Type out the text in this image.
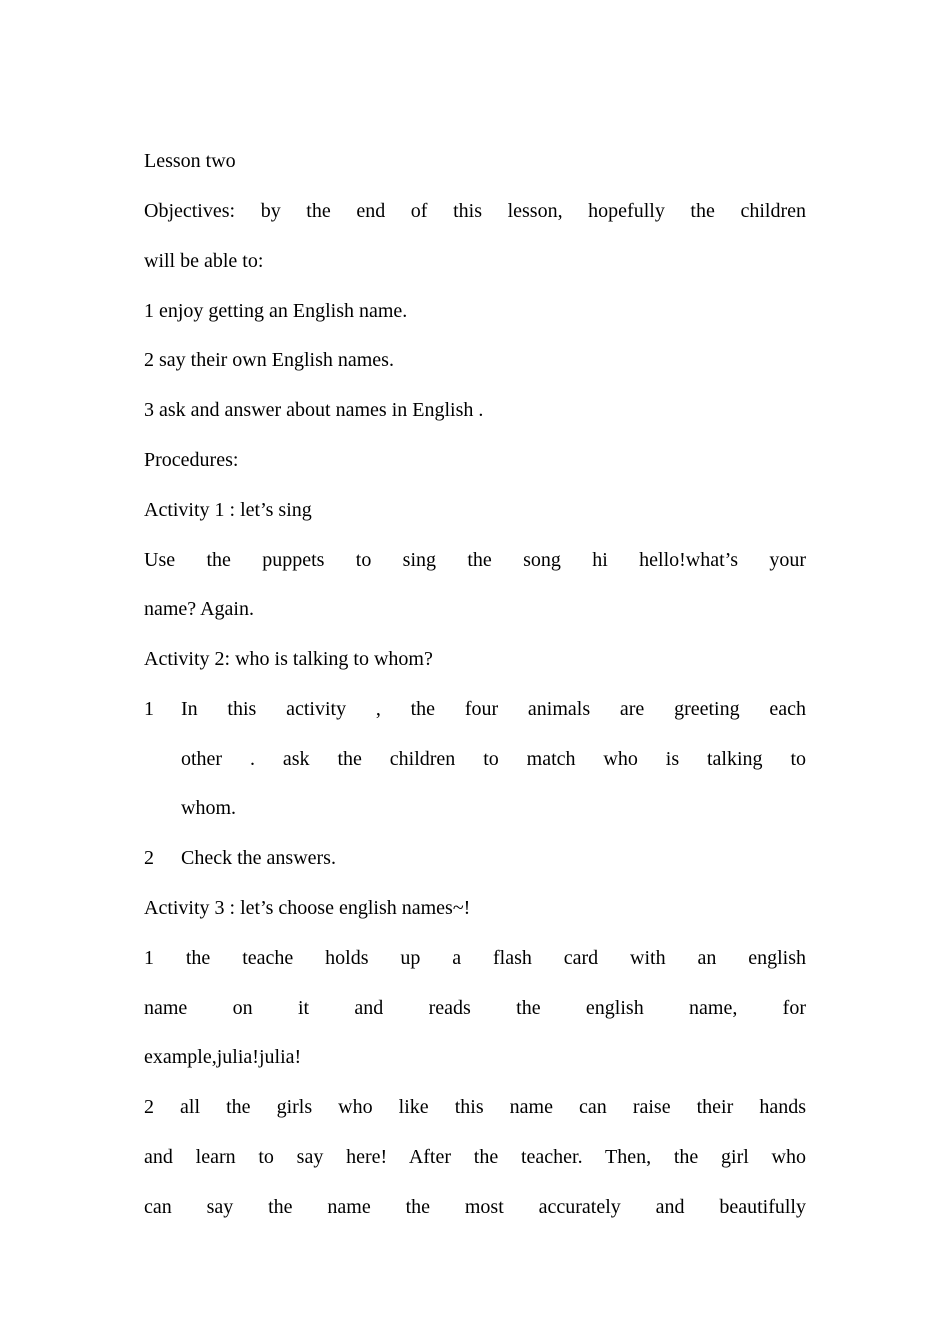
Lesson two
Objectives: by the end of this lesson, hopefully the children
will be able to:
1 enjoy getting an English name.
2 say their own English names.
3 ask and answer about names in English .
Procedures:
Activity 1 : let’s sing
Use the puppets to sing the song hi hello!what’s your
name? Again.
Activity 2: who is talking to whom?
1	In this activity , the four animals are greeting each
other . ask the children to match who is talking to
whom.
2	Check the answers.
Activity 3 : let’s choose english names~!
1 the teache holds up a flash card with an english
name on it and reads the english name, for
example,julia!julia!
2 all the girls who like this name can raise their hands
and learn to say here! After the teacher. Then, the girl who
can say the name the most accurately and beautifully
